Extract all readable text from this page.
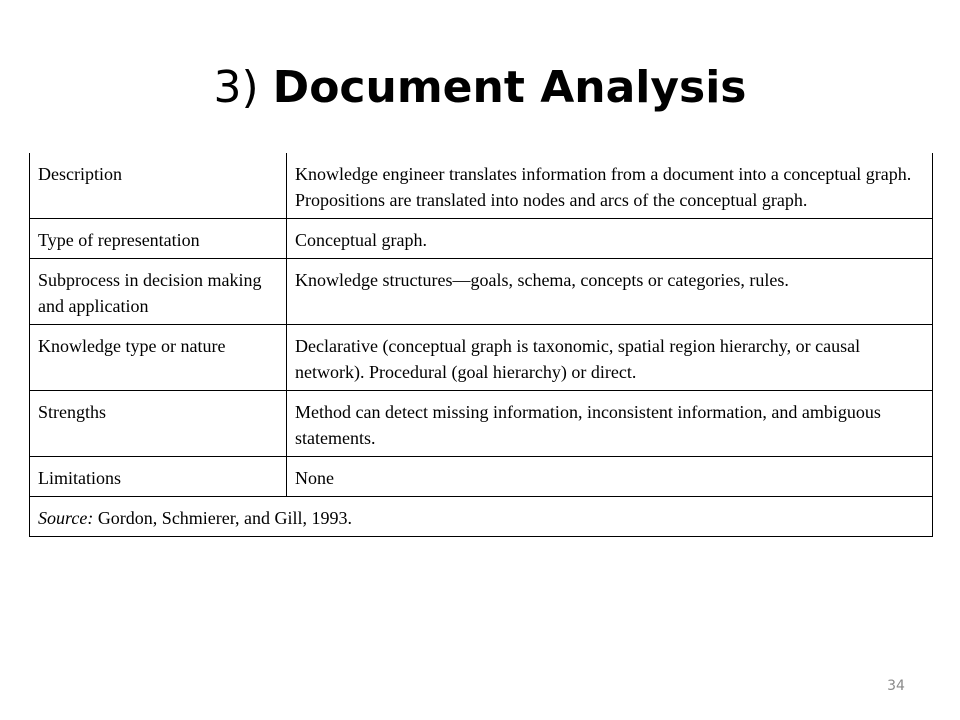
3) Document Analysis
Description	Knowledge engineer translates information from a document into a conceptual graph. Propositions are translated into nodes and arcs of the conceptual graph.
Type of representation	Conceptual graph.
Subprocess in decision making and application	Knowledge structures—goals, schema, concepts or categories, rules.
Knowledge type or nature	Declarative (conceptual graph is taxonomic, spatial region hierarchy, or causal network). Procedural (goal hierarchy) or direct.
Strengths	Method can detect missing information, inconsistent information, and ambiguous statements.
Limitations	None
Source: Gordon, Schmierer, and Gill, 1993.	
34
